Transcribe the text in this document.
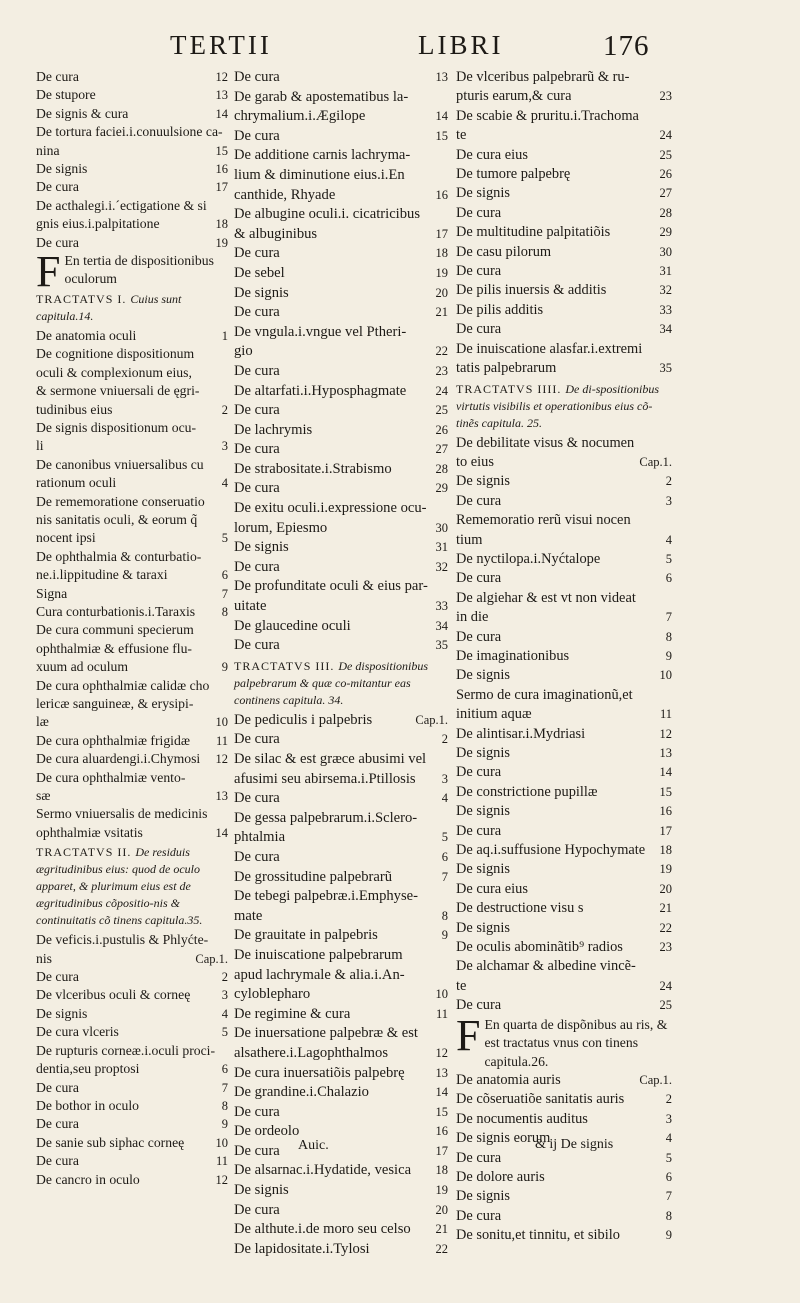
TERTII	LIBRI	176
De cura	12
De stupore	13
De signis & cura	14
De tortura faciei.i.conuulsione ca-
nina	15
De signis	16
De cura	17
De acthalegi.i.´ectigatione & si
gnis eius.i.palpitatione	18
De cura	19
F En tertia de dispositionibus oculorum
TRACTATVS I. Cuius sunt capitula.14.
De anatomia oculi	1
De cognitione dispositionum
oculi & complexionum eius,
& sermone vniuersali de ęgri-
tudinibus eius	2
De signis dispositionum ocu-
li	3
De canonibus vniuersalibus cu
rationum oculi	4
De rememoratione conseruatio
nis sanitatis oculi, & eorum q̃
nocent ipsi	5
De ophthalmia & conturbatio-
ne.i.lippitudine & taraxi	6
Signa	7
Cura conturbationis.i.Taraxis 8
De cura communi specierum
ophthalmiæ & effusione flu-
xuum ad oculum	9
De cura ophthalmiæ calidæ cho
lericæ sanguineæ, & erysipi-
læ	10
De cura ophthalmiæ frigidæ 11
De cura aluardengi.i.Chymosi 12
De cura ophthalmiæ vento-
sæ	13
Sermo vniuersalis de medicinis
ophthalmiæ vsitatis	14
TRACTATVS II. De residuis ægritudinibus eius: quod de oculo apparet, & plurimum eius est de ægritudinibus cõpositio-nis & continuitatis cõ tinens capitula.35.
De veficis.i.pustulis & Phlyćte-
nis	Cap.1.
De cura	2
De vlceribus oculi & corneę	3
De signis	4
De cura vlceris	5
De rupturis corneæ.i.oculi proci-
dentia,seu proptosi	6
De cura	7
De bothor in oculo	8
De cura	9
De sanie sub siphac corneę	10
De cura	11
De cancro in oculo	12
De cura	13
De garab & apostematibus la-
chrymalium.i.Ægilope	14
De cura	15
De additione carnis lachryma-
lium & diminutione eius.i.En
canthide, Rhyade	16
De albugine oculi.i. cicatricibus
& albuginibus	17
De cura	18
De sebel	19
De signis	20
De cura	21
De vngula.i.vngue vel Ptheri-
gio	22
De cura	23
De altarfati.i.Hyposphagmate 24
De cura	25
De lachrymis	26
De cura	27
De strabositate.i.Strabismo	28
De cura	29
De exitu oculi.i.expressione ocu-
lorum, Epiesmo	30
De signis	31
De cura	32
De profunditate oculi & eius par-
uitate	33
De glaucedine oculi	34
De cura	35
TRACTATVS III. De dispositionibus palpebrarum & quæ co-mitantur eas continens capitula. 34.
De pediculis i palpebris	Cap.1.
De cura	2
De silac & est græce abusimi vel
afusimi seu abirsema.i.Ptillosis 3
De cura	4
De gessa palpebrarum.i.Sclero-
phtalmia	5
De cura	6
De grossitudine palpebrarũ	7
De tebegi palpebræ.i.Emphyse-
mate	8
De grauitate in palpebris	9
De inuiscatione palpebrarum
apud lachrymale & alia.i.An-
cyloblepharo	10
De regimine & cura	11
De inuersatione palpebræ & est
alsathere.i.Lagophthalmos	12
De cura inuersatiõis palpebrę 13
De grandine.i.Chalazio	14
De cura	15
De ordeolo	16
De cura	17
De alsarnac.i.Hydatide, vesica 18
De signis	19
De cura	20
De althute.i.de moro seu celso 21
De lapidositate.i.Tylosi	22
De vlceribus palpebrarũ & ru-
pturis earum,& cura	23
De scabie & pruritu.i.Trachoma
te	24
De cura eius	25
De tumore palpebrę	26
De signis	27
De cura	28
De multitudine palpitatiõis	29
De casu pilorum	30
De cura	31
De pilis inuersis & additis	32
De pilis additis	33
De cura	34
De inuiscatione alasfar.i.extremi
tatis palpebrarum	35
TRACTATVS IIII. De di-spositionibus virtutis visibilis et operationibus eius cõ-tinẽs capitula. 25.
De debilitate visus & nocumen
to eius	Cap.1.
De signis	2
De cura	3
Rememoratio rerũ visui nocen
tium	4
De nyctilopa.i.Nyćtalope	5
De cura	6
De algiehar & est vt non videat
in die	7
De cura	8
De imaginationibus	9
De signis	10
Sermo de cura imaginationũ,et
initium aquæ	11
De alintisar.i.Mydriasi	12
De signis	13
De cura	14
De constrictione pupillæ	15
De signis	16
De cura	17
De aq.i.suffusione Hypochymate 18
De signis	19
De cura eius	20
De destructione visu s	21
De signis	22
De oculis abominãtib⁹ radios	23
De alchamar & albedine vincẽ-
te	24
De cura	25
F En quarta de dispõnibus au ris, & est tractatus vnus con tinens capitula.26.
De anatomia auris	Cap.1.
De cõseruatiõe sanitatis auris	2
De nocumentis auditus	3
De signis eorum	4
De cura	5
De dolore auris	6
De signis	7
De cura	8
De sonitu,et tinnitu, et sibilo	9
Auic.	& ij De signis
